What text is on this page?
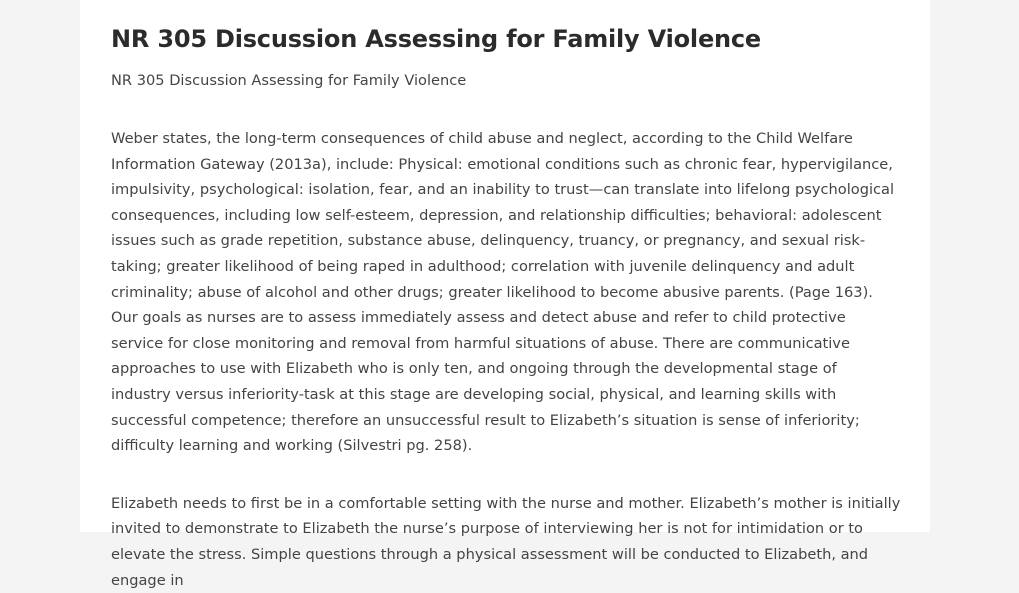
NR 305 Discussion Assessing for Family Violence
NR 305 Discussion Assessing for Family Violence

Weber states, the long-term consequences of child abuse and neglect, according to the Child Welfare Information Gateway (2013a), include: Physical: emotional conditions such as chronic fear, hypervigilance, impulsivity, psychological: isolation, fear, and an inability to trust—can translate into lifelong psychological consequences, including low self-esteem, depression, and relationship difficulties; behavioral: adolescent issues such as grade repetition, substance abuse, delinquency, truancy, or pregnancy, and sexual risk-taking; greater likelihood of being raped in adulthood; correlation with juvenile delinquency and adult criminality; abuse of alcohol and other drugs; greater likelihood to become abusive parents. (Page 163). Our goals as nurses are to assess immediately assess and detect abuse and refer to child protective service for close monitoring and removal from harmful situations of abuse. There are communicative approaches to use with Elizabeth who is only ten, and ongoing through the developmental stage of industry versus inferiority-task at this stage are developing social, physical, and learning skills with successful competence; therefore an unsuccessful result to Elizabeth’s situation is sense of inferiority; difficulty learning and working (Silvestri pg. 258).

Elizabeth needs to first be in a comfortable setting with the nurse and mother. Elizabeth’s mother is initially invited to demonstrate to Elizabeth the nurse’s purpose of interviewing her is not for intimidation or to elevate the stress. Simple questions through a physical assessment will be conducted to Elizabeth, and engage in
